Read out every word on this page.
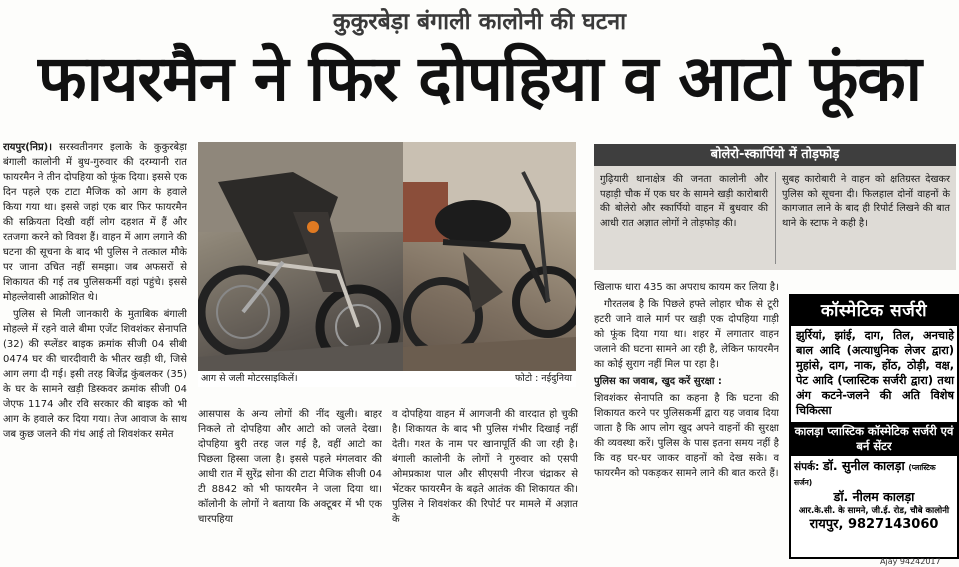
कुकुरबेड़ा बंगाली कालोनी की घटना
फायरमैन ने फिर दोपहिया व आटो फूंका

रायपुर(निप्र)। सरस्वतीनगर इलाके के कुकुरबेड़ा बंगाली कालोनी में बुध-गुरुवार की दरम्यानी रात फायरमैन ने तीन दोपहिया को फूंक दिया। इससे एक दिन पहले एक टाटा मैजिक को आग के हवाले किया गया था। इससे जहां एक बार फिर फायरमैन की सक्रियता दिखी वहीं लोग दहशत में हैं और रतजगा करने को विवश हैं। वाहन में आग लगाने की घटना की सूचना के बाद भी पुलिस ने तत्काल मौके पर जाना उचित नहीं समझा। जब अफसरों से शिकायत की गई तब पुलिसकर्मी वहां पहुंचे। इससे मोहल्लेवासी आक्रोशित थे।

पुलिस से मिली जानकारी के मुताबिक बंगाली मोहल्ले में रहने वाले बीमा एजेंट शिवशंकर सेनापति (32) की स्प्लेंडर बाइक क्रमांक सीजी 04 सीबी 0474 घर की चारदीवारी के भीतर खड़ी थी, जिसे आग लगा दी गई। इसी तरह बिजेंद्र कुंबलकर (35) के घर के सामने खड़ी डिस्कवर क्रमांक सीजी 04 जेएफ 1174 और रवि सरकार की बाइक को भी आग के हवाले कर दिया गया। तेज आवाज के साथ जब कुछ जलने की गंध आई तो शिवशंकर समेत

आग से जली मोटरसाइकिलें।	फोटो : नईदुनिया

आसपास के अन्य लोगों की नींद खुली। बाहर निकले तो दोपहिया और आटो को जलते देखा। दोपहिया बुरी तरह जल गई है, वहीं आटो का पिछला हिस्सा जला है। इससे पहले मंगलवार की आधी रात में सुरेंद्र सोना की टाटा मैजिक सीजी 04 टी 8842 को भी फायरमैन ने जला दिया था। कॉलोनी के लोगों ने बताया कि अक्टूबर में भी एक चारपहिया

व दोपहिया वाहन में आगजनी की वारदात हो चुकी है। शिकायत के बाद भी पुलिस गंभीर दिखाई नहीं देती। गश्त के नाम पर खानापूर्ति की जा रही है। बंगाली कालोनी के लोगों ने गुरुवार को एसपी ओमप्रकाश पाल और सीएसपी नीरज चंद्राकर से भेंटकर फायरमैन के बढ़ते आतंक की शिकायत की। पुलिस ने शिवशंकर की रिपोर्ट पर मामले में अज्ञात के

बोलेरो-स्कार्पियो में तोड़फोड़
गुढ़ियारी थानाक्षेत्र की जनता कालोनी और पहाड़ी चौक में एक घर के सामने खड़ी कारोबारी की बोलेरो और स्कार्पियो वाहन में बुधवार की आधी रात अज्ञात लोगों ने तोड़फोड़ की।
सुबह कारोबारी ने वाहन को क्षतिग्रस्त देखकर पुलिस को सूचना दी। फिलहाल दोनों वाहनों के कागजात लाने के बाद ही रिपोर्ट लिखने की बात थाने के स्टाफ ने कही है।

खिलाफ धारा 435 का अपराध कायम कर लिया है।

गौरतलब है कि पिछले हफ्ते लोहार चौक से टूरी हटरी जाने वाले मार्ग पर खड़ी एक दोपहिया गाड़ी को फूंक दिया गया था। शहर में लगातार वाहन जलाने की घटना सामने आ रही है, लेकिन फायरमैन का कोई सुराग नहीं मिल पा रहा है।

पुलिस का जवाब, खुद करें सुरक्षा :

शिवशंकर सेनापति का कहना है कि घटना की शिकायत करने पर पुलिसकर्मी द्वारा यह जवाब दिया जाता है कि आप लोग खुद अपने वाहनों की सुरक्षा की व्यवस्था करें। पुलिस के पास इतना समय नहीं है कि वह घर-घर जाकर वाहनों को देख सके। व फायरमैन को पकड़कर सामने लाने की बात करते हैं।

कॉस्मेटिक सर्जरी
झुर्रियां, झांई, दाग, तिल, अनचाहे बाल आदि (अत्याधुनिक लेजर द्वारा) मुहांसे, दाग, नाक, होंठ, ठोड़ी, वक्ष, पेट आदि (प्लास्टिक सर्जरी द्वारा) तथा अंग कटने-जलने की अति विशेष चिकित्सा
कालड़ा प्लास्टिक कॉस्मेटिक सर्जरी एवं बर्न सेंटर
संपर्क: डॉ. सुनील कालड़ा (प्लास्टिक सर्जन)
डॉ. नीलम कालड़ा
आर.के.सी. के सामने, जी.ई. रोड, चौबे कालोनी
रायपुर, 9827143060
Ajay 94242017
